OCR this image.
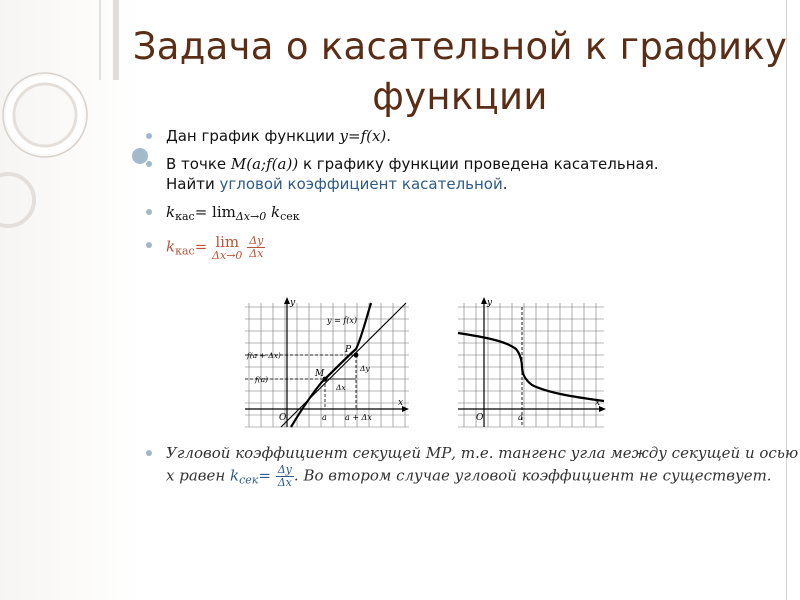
Задача о касательной к графику
функции
Дан график функции y=f(x).
В точке M(a;f(a)) к графику функции проведена касательная.
Найти угловой коэффициент касательной.
$k_{кас}= \lim_{\Delta x\to 0} k_{сек}$
$k_{кас}= \lim$
Δx→0
$\frac{\Delta y}{\Delta x}$
y
x
O
y = f(x)
f(a + Δx)
f(a)
a a + Δx
M
P
Δx
Δy
y
x
O	a
Угловой коэффициент секущей МР, т.е. тангенс угла между секущей и осью x равен $k_{сек}= \frac{\Delta y}{\Delta x}$ . Во втором случае угловой коэффициент не существует.
